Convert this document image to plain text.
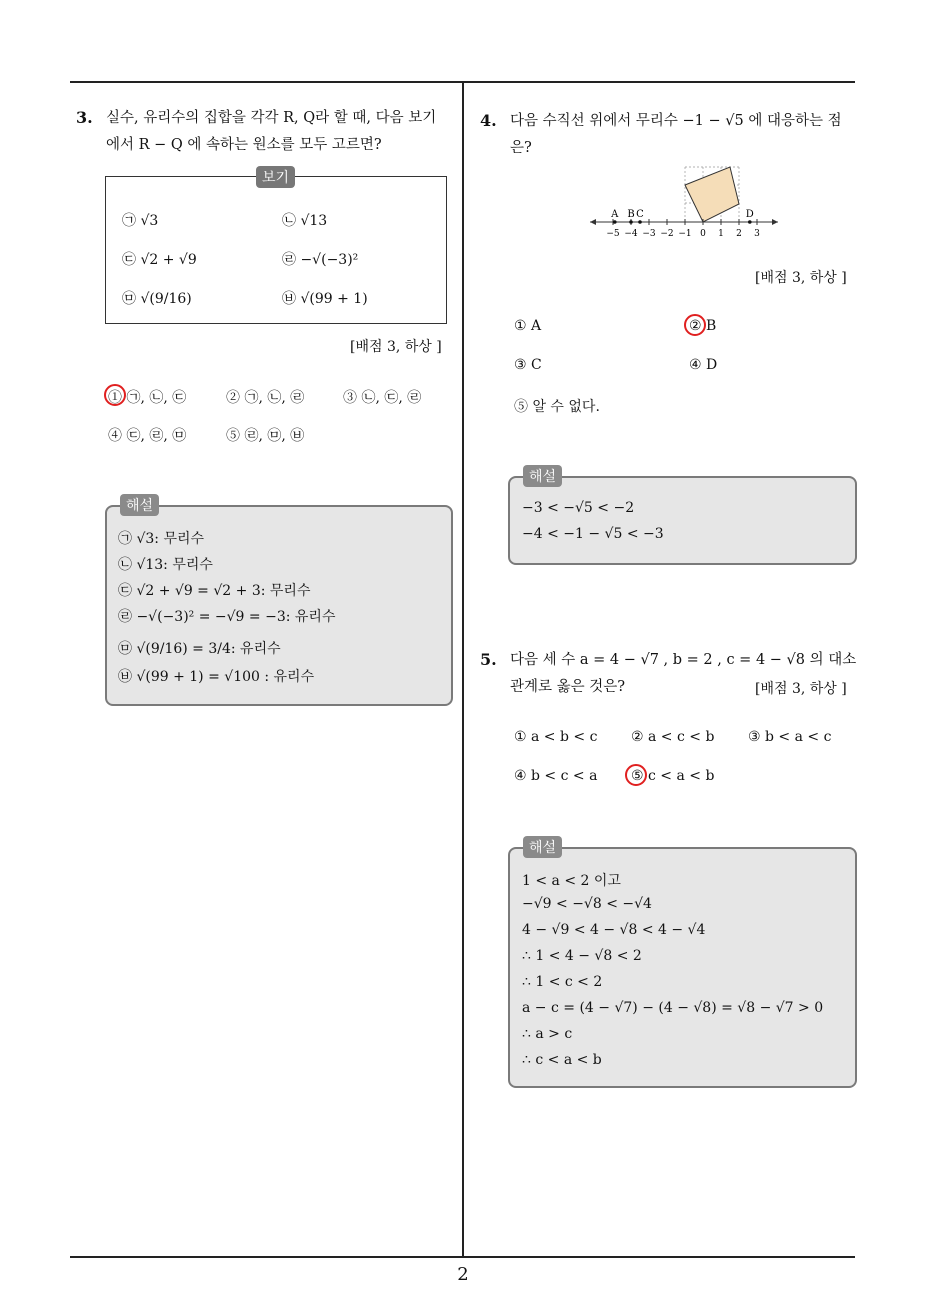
3. 실수, 유리수의 집합을 각각 R, Q라 할 때, 다음 보기
에서 R − Q 에 속하는 원소를 모두 고르면?
보기
㉠ √3	㉡ √13
㉢ √2 + √9	㉣ −√(−3)²
㉤ √(9/16)	㉥ √(99 + 1)
[배점 3, 하상 ]
① ㉠, ㉡, ㉢	② ㉠, ㉡, ㉣	③ ㉡, ㉢, ㉣
④ ㉢, ㉣, ㉤	⑤ ㉣, ㉤, ㉥
해설
㉠ √3: 무리수
㉡ √13: 무리수
㉢ √2 + √9 = √2 + 3: 무리수
㉣ −√(−3)² = −√9 = −3: 유리수
㉤ √(9/16) = 3/4: 유리수
㉥ √(99 + 1) = √100 : 유리수
4. 다음 수직선 위에서 무리수 −1 − √5 에 대응하는 점
은?
−5 −4 −3 −2 −1 0 1 2 3
A B C	D
[배점 3, 하상 ]
① A	② B
③ C	④ D
⑤ 알 수 없다.
해설
−3 < −√5 < −2
−4 < −1 − √5 < −3
5. 다음 세 수 a = 4 − √7 , b = 2 , c = 4 − √8 의 대소
관계로 옳은 것은?	[배점 3, 하상 ]
① a < b < c ② a < c < b ③ b < a < c
④ b < c < a ⑤ c < a < b
해설
1 < a < 2 이고
−√9 < −√8 < −√4
4 − √9 < 4 − √8 < 4 − √4
∴ 1 < 4 − √8 < 2
∴ 1 < c < 2
a − c = (4 − √7) − (4 − √8) = √8 − √7 > 0
∴ a > c
∴ c < a < b
2
